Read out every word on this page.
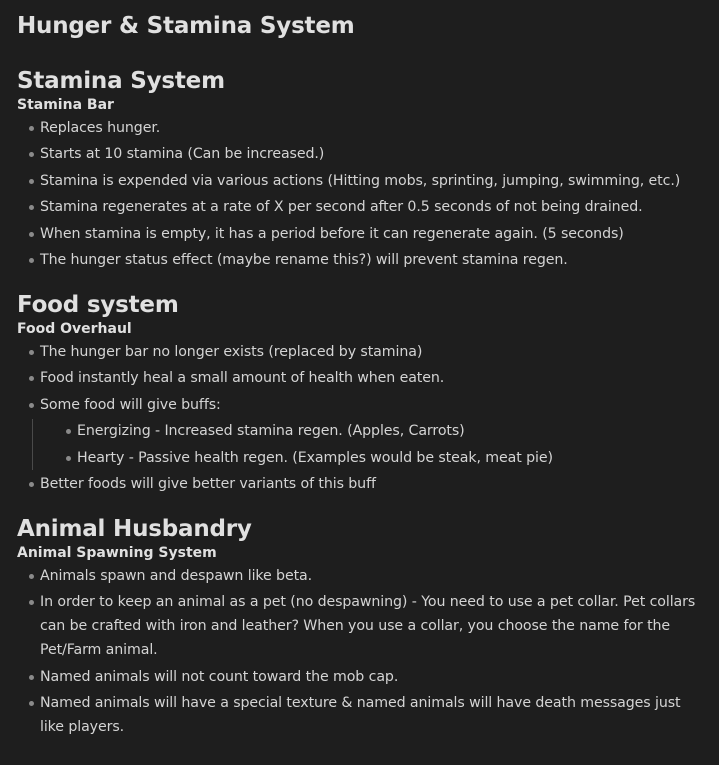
Hunger & Stamina System
Stamina System
Stamina Bar
Replaces hunger.
Starts at 10 stamina (Can be increased.)
Stamina is expended via various actions (Hitting mobs, sprinting, jumping, swimming, etc.)
Stamina regenerates at a rate of X per second after 0.5 seconds of not being drained.
When stamina is empty, it has a period before it can regenerate again. (5 seconds)
The hunger status effect (maybe rename this?) will prevent stamina regen.
Food system
Food Overhaul
The hunger bar no longer exists (replaced by stamina)
Food instantly heal a small amount of health when eaten.
Some food will give buffs:
Energizing - Increased stamina regen. (Apples, Carrots)
Hearty - Passive health regen. (Examples would be steak, meat pie)
Better foods will give better variants of this buff
Animal Husbandry
Animal Spawning System
Animals spawn and despawn like beta.
In order to keep an animal as a pet (no despawning) - You need to use a pet collar. Pet collars can be crafted with iron and leather? When you use a collar, you choose the name for the Pet/Farm animal.
Named animals will not count toward the mob cap.
Named animals will have a special texture & named animals will have death messages just like players.
